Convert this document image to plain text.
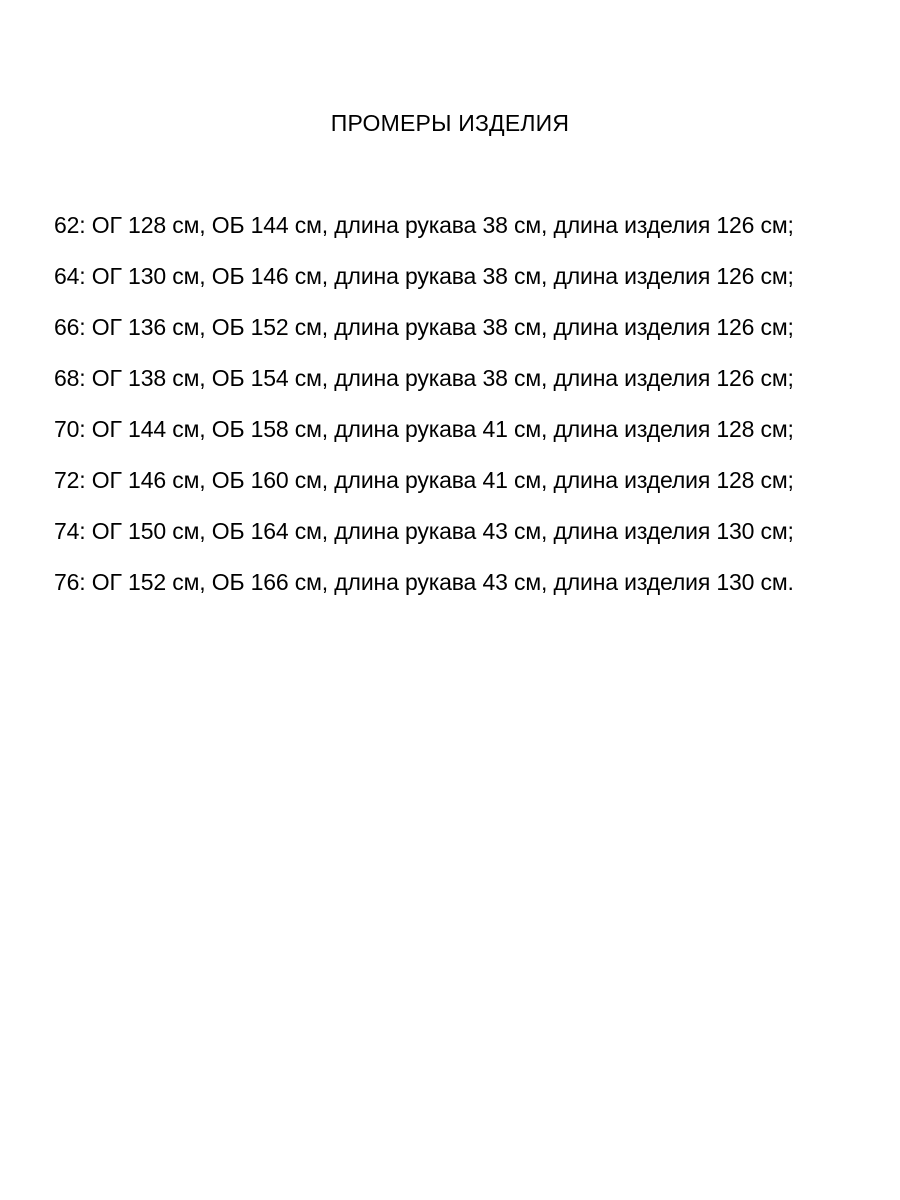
ПРОМЕРЫ ИЗДЕЛИЯ
62: ОГ 128 см, ОБ 144 см, длина рукава 38 см, длина изделия 126 см;
64: ОГ 130 см, ОБ 146 см, длина рукава 38 см, длина изделия 126 см;
66: ОГ 136 см, ОБ 152 см, длина рукава 38 см, длина изделия 126 см;
68: ОГ 138 см, ОБ 154 см, длина рукава 38 см, длина изделия 126 см;
70: ОГ 144 см, ОБ 158 см, длина рукава 41 см, длина изделия 128 см;
72: ОГ 146 см, ОБ 160 см, длина рукава 41 см, длина изделия 128 см;
74: ОГ 150 см, ОБ 164 см, длина рукава 43 см, длина изделия 130 см;
76: ОГ 152 см, ОБ 166 см, длина рукава 43 см, длина изделия 130 см.
